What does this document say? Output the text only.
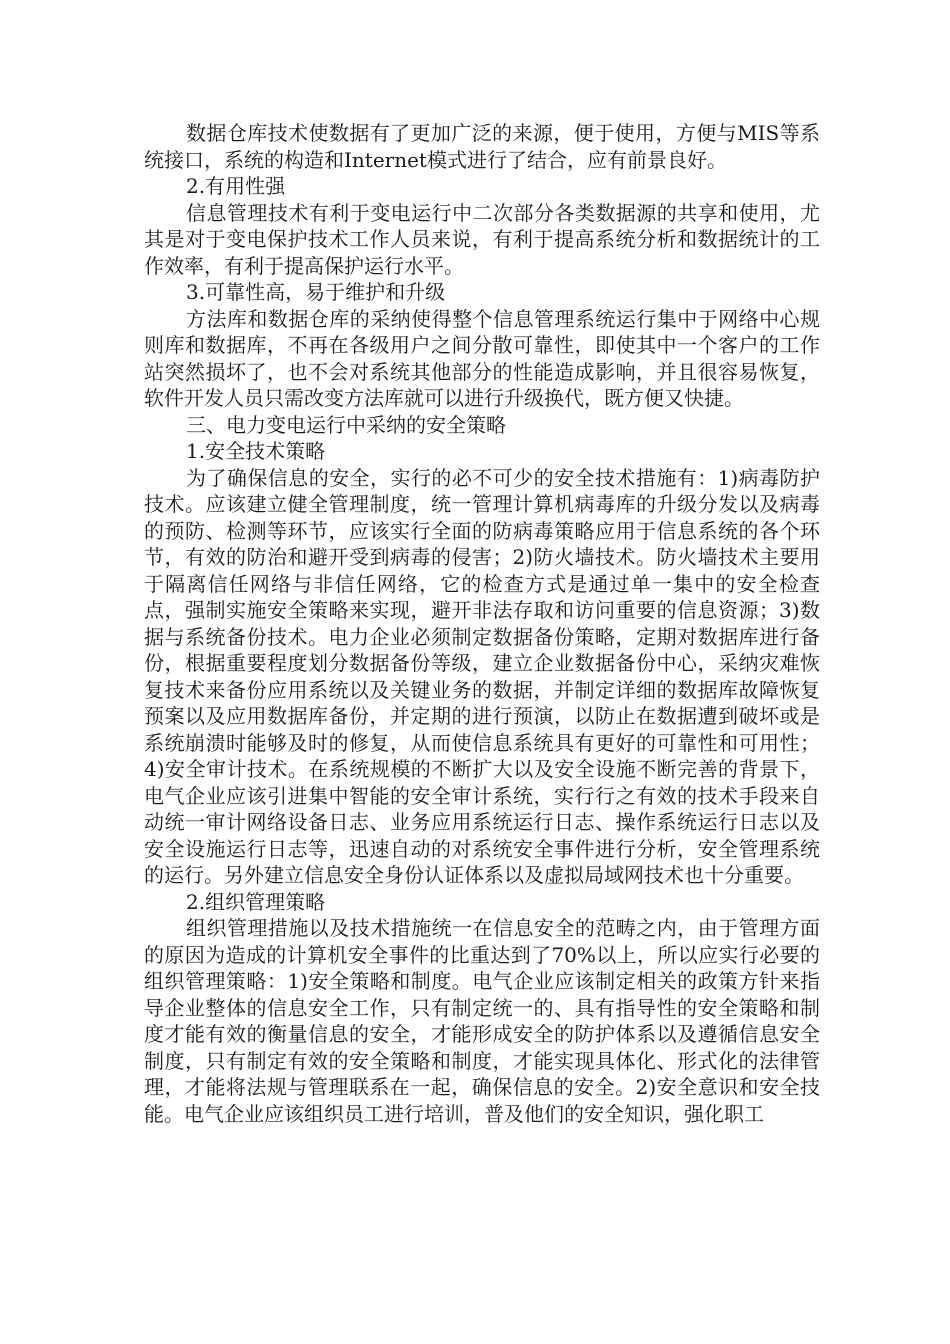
数据仓库技术使数据有了更加广泛的来源，便于使用，方便与MIS等系统接口，系统的构造和Internet模式进行了结合，应有前景良好。

2.有用性强

信息管理技术有利于变电运行中二次部分各类数据源的共享和使用，尤其是对于变电保护技术工作人员来说，有利于提高系统分析和数据统计的工作效率，有利于提高保护运行水平。

3.可靠性高，易于维护和升级

方法库和数据仓库的采纳使得整个信息管理系统运行集中于网络中心规则库和数据库，不再在各级用户之间分散可靠性，即使其中一个客户的工作站突然损坏了，也不会对系统其他部分的性能造成影响，并且很容易恢复，软件开发人员只需改变方法库就可以进行升级换代，既方便又快捷。

三、电力变电运行中采纳的安全策略

1.安全技术策略

为了确保信息的安全，实行的必不可少的安全技术措施有：1)病毒防护技术。应该建立健全管理制度，统一管理计算机病毒库的升级分发以及病毒的预防、检测等环节，应该实行全面的防病毒策略应用于信息系统的各个环节，有效的防治和避开受到病毒的侵害；2)防火墙技术。防火墙技术主要用于隔离信任网络与非信任网络，它的检查方式是通过单一集中的安全检查点，强制实施安全策略来实现，避开非法存取和访问重要的信息资源；3)数据与系统备份技术。电力企业必须制定数据备份策略，定期对数据库进行备份，根据重要程度划分数据备份等级，建立企业数据备份中心，采纳灾难恢复技术来备份应用系统以及关键业务的数据，并制定详细的数据库故障恢复预案以及应用数据库备份，并定期的进行预演，以防止在数据遭到破坏或是系统崩溃时能够及时的修复，从而使信息系统具有更好的可靠性和可用性；4)安全审计技术。在系统规模的不断扩大以及安全设施不断完善的背景下，电气企业应该引进集中智能的安全审计系统，实行行之有效的技术手段来自动统一审计网络设备日志、业务应用系统运行日志、操作系统运行日志以及安全设施运行日志等，迅速自动的对系统安全事件进行分析，安全管理系统的运行。另外建立信息安全身份认证体系以及虚拟局域网技术也十分重要。

2.组织管理策略

组织管理措施以及技术措施统一在信息安全的范畴之内，由于管理方面的原因为造成的计算机安全事件的比重达到了70%以上，所以应实行必要的组织管理策略：1)安全策略和制度。电气企业应该制定相关的政策方针来指导企业整体的信息安全工作，只有制定统一的、具有指导性的安全策略和制度才能有效的衡量信息的安全，才能形成安全的防护体系以及遵循信息安全制度，只有制定有效的安全策略和制度，才能实现具体化、形式化的法律管理，才能将法规与管理联系在一起，确保信息的安全。2)安全意识和安全技能。电气企业应该组织员工进行培训，普及他们的安全知识，强化职工
